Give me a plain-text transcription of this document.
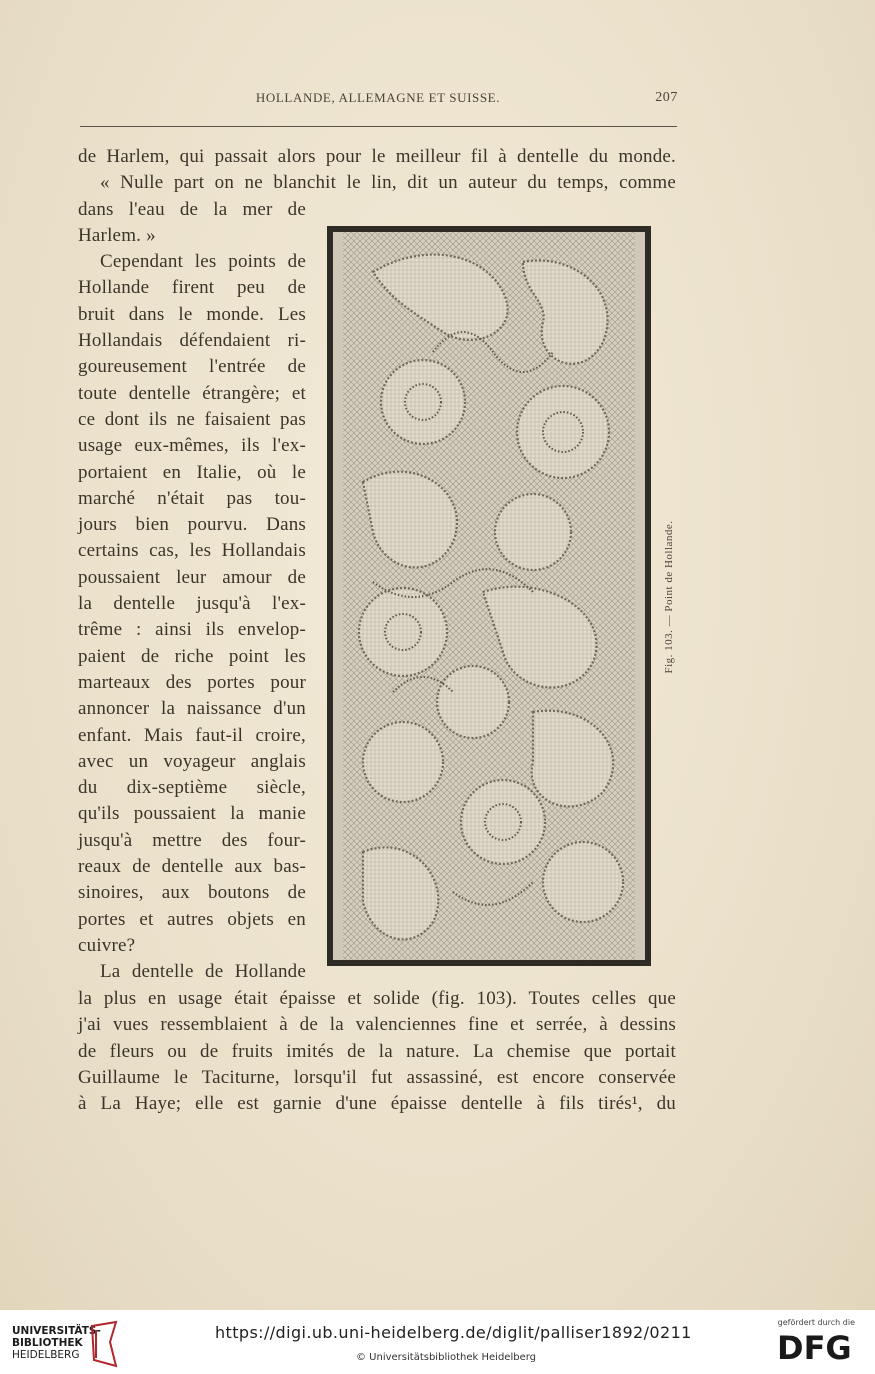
HOLLANDE, ALLEMAGNE ET SUISSE.	207
de Harlem, qui passait alors pour le meilleur fil à dentelle du monde.
« Nulle part on ne blanchit le lin, dit un auteur du temps, comme
dans l'eau de la mer de
Harlem. »
Cependant les points de
Hollande firent peu de
bruit dans le monde. Les
Hollandais défendaient ri-
goureusement l'entrée de
toute dentelle étrangère; et
ce dont ils ne faisaient pas
usage eux-mêmes, ils l'ex-
portaient en Italie, où le
marché n'était pas tou-
jours bien pourvu. Dans
certains cas, les Hollandais
poussaient leur amour de
la dentelle jusqu'à l'ex-
trême : ainsi ils envelop-
paient de riche point les
marteaux des portes pour
annoncer la naissance d'un
enfant. Mais faut-il croire,
avec un voyageur anglais
du dix-septième siècle,
qu'ils poussaient la manie
jusqu'à mettre des four-
reaux de dentelle aux bas-
sinoires, aux boutons de
portes et autres objets en
cuivre?
La dentelle de Hollande
la plus en usage était épaisse et solide (fig. 103). Toutes celles que
j'ai vues ressemblaient à de la valenciennes fine et serrée, à dessins
de fleurs ou de fruits imités de la nature. La chemise que portait
Guillaume le Taciturne, lorsqu'il fut assassiné, est encore conservée
à La Haye; elle est garnie d'une épaisse dentelle à fils tirés¹, du
Fig. 103. — Point de Hollande.
UNIVERSITÄTS-
BIBLIOTHEK
HEIDELBERG
https://digi.ub.uni-heidelberg.de/diglit/palliser1892/0211
© Universitätsbibliothek Heidelberg
gefördert durch die
DFG
